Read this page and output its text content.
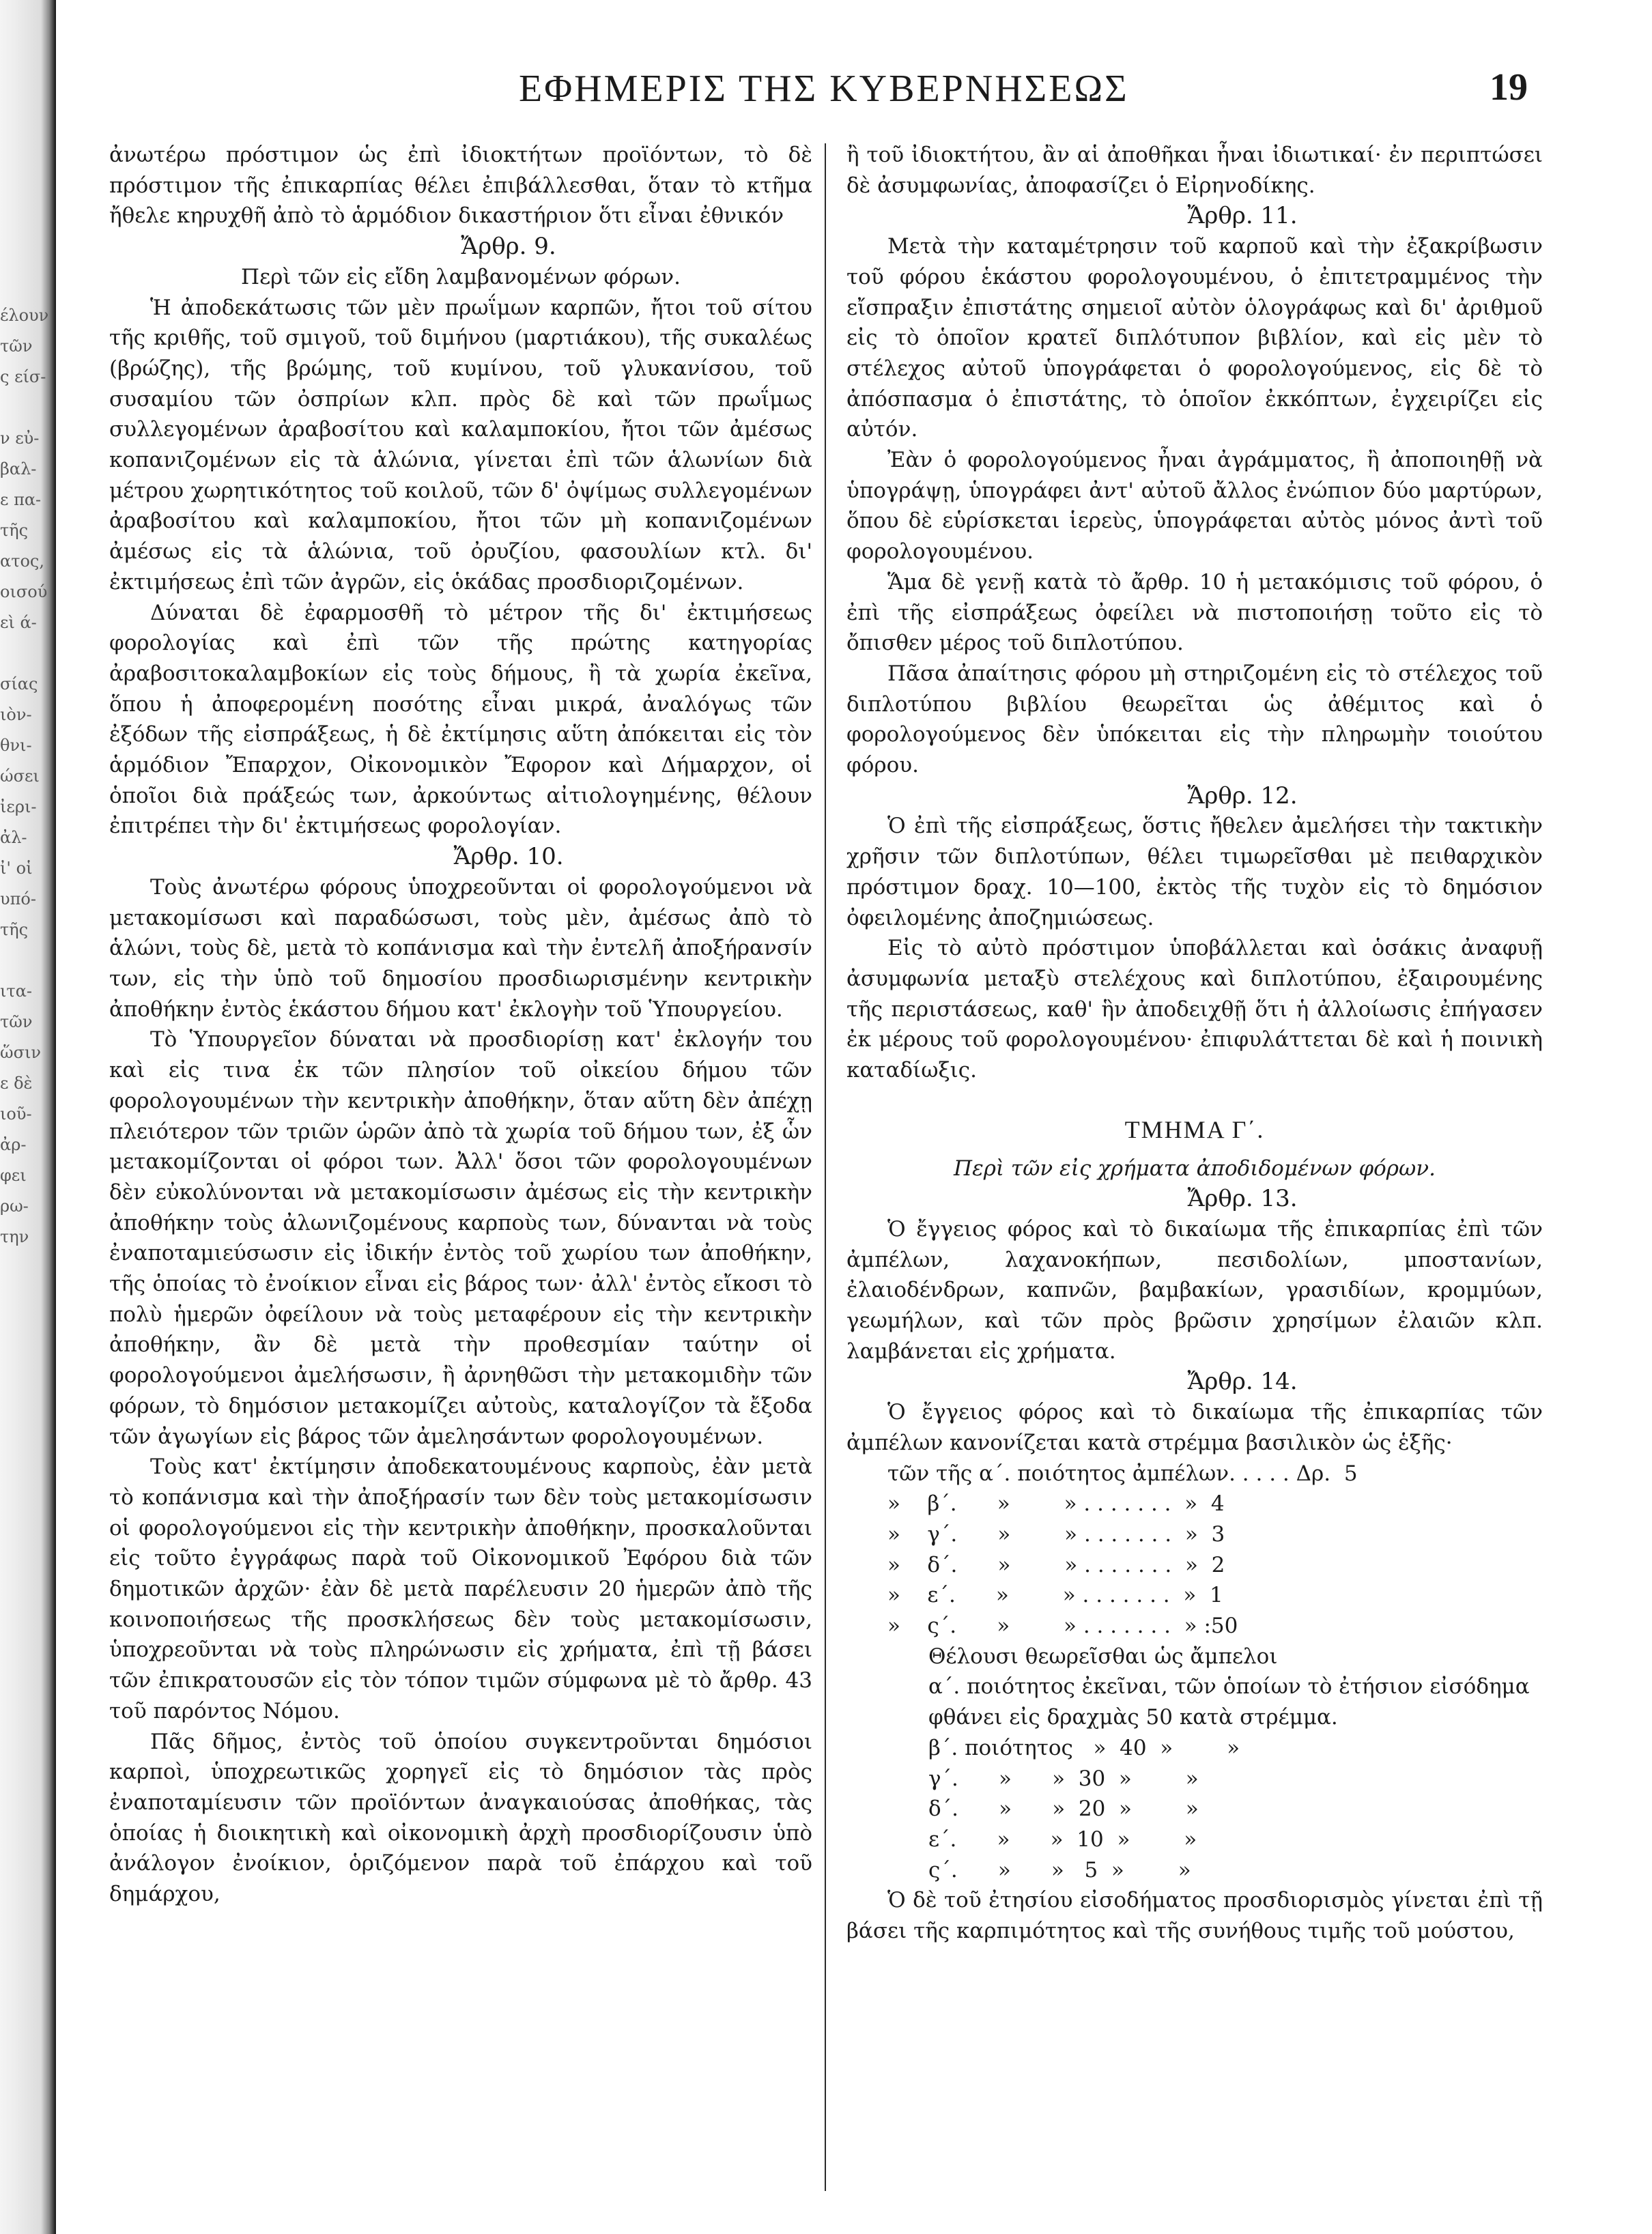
έλουν
τῶν
ς είσ-
ν εὐ-
βαλ-
ε πα-
τῆς
ατος,
οισού
εὶ ά-
σίας
ιὸν-
θνι-
ώσει
ἰερι-
ἀλ-
ἰ' οἱ
υπό-
τῆς
ιτα-
τῶν
ὥσιν
ε δὲ
ιοῦ-
ἀρ-
φει
ρω-
την
ΕΦΗΜΕΡΙΣ ΤΗΣ ΚΥΒΕΡΝΗΣΕΩΣ	19

ἀνωτέρω πρόστιμον ὡς ἐπὶ ἰδιοκτήτων προϊόντων, τὸ δὲ πρόστιμον τῆς ἐπικαρπίας θέλει ἐπιβάλλεσθαι, ὅταν τὸ κτῆμα ἤθελε κηρυχθῆ ἀπὸ τὸ ἁρμόδιον δικαστήριον ὅτι εἶναι ἐθνικόν

Ἄρθρ. 9.
Περὶ τῶν εἰς εἴδη λαμβανομένων φόρων.

Ἡ ἀποδεκάτωσις τῶν μὲν πρωΐμων καρπῶν, ἤτοι τοῦ σίτου τῆς κριθῆς, τοῦ σμιγοῦ, τοῦ διμήνου (μαρτιάκου), τῆς συκαλέως (βρώζης), τῆς βρώμης, τοῦ κυμίνου, τοῦ γλυκανίσου, τοῦ συσαμίου τῶν ὀσπρίων κλπ. πρὸς δὲ καὶ τῶν πρωΐμως συλλεγομένων ἀραβοσίτου καὶ καλαμποκίου, ἤτοι τῶν ἀμέσως κοπανιζομένων εἰς τὰ ἁλώνια, γίνεται ἐπὶ τῶν ἁλωνίων διὰ μέτρου χωρητικότητος τοῦ κοιλοῦ, τῶν δ' ὀψίμως συλλεγομένων ἀραβοσίτου καὶ καλαμποκίου, ἤτοι τῶν μὴ κοπανιζομένων ἀμέσως εἰς τὰ ἁλώνια, τοῦ ὀρυζίου, φασουλίων κτλ. δι' ἐκτιμήσεως ἐπὶ τῶν ἀγρῶν, εἰς ὁκάδας προσδιοριζομένων.

Δύναται δὲ ἐφαρμοσθῆ τὸ μέτρον τῆς δι' ἐκτιμήσεως φορολογίας καὶ ἐπὶ τῶν τῆς πρώτης κατηγορίας ἀραβοσιτοκαλαμβοκίων εἰς τοὺς δήμους, ἢ τὰ χωρία ἐκεῖνα, ὅπου ἡ ἀποφερομένη ποσότης εἶναι μικρά, ἀναλόγως τῶν ἐξόδων τῆς εἰσπράξεως, ἡ δὲ ἐκτίμησις αὕτη ἀπόκειται εἰς τὸν ἁρμόδιον Ἔπαρχον, Οἰκονομικὸν Ἔφορον καὶ Δήμαρχον, οἱ ὁποῖοι διὰ πράξεώς των, ἀρκούντως αἰτιολογημένης, θέλουν ἐπιτρέπει τὴν δι' ἐκτιμήσεως φορολογίαν.

Ἄρθρ. 10.

Τοὺς ἀνωτέρω φόρους ὑποχρεοῦνται οἱ φορολογούμενοι νὰ μετακομίσωσι καὶ παραδώσωσι, τοὺς μὲν, ἀμέσως ἀπὸ τὸ ἁλώνι, τοὺς δὲ, μετὰ τὸ κοπάνισμα καὶ τὴν ἐντελῆ ἀποξήρανσίν των, εἰς τὴν ὑπὸ τοῦ δημοσίου προσδιωρισμένην κεντρικὴν ἀποθήκην ἐντὸς ἑκάστου δήμου κατ' ἐκλογὴν τοῦ Ὑπουργείου.

Τὸ Ὑπουργεῖον δύναται νὰ προσδιορίσῃ κατ' ἐκλογήν του καὶ εἰς τινα ἐκ τῶν πλησίον τοῦ οἰκείου δήμου τῶν φορολογουμένων τὴν κεντρικὴν ἀποθήκην, ὅταν αὕτη δὲν ἀπέχῃ πλειότερον τῶν τριῶν ὡρῶν ἀπὸ τὰ χωρία τοῦ δήμου των, ἐξ ὧν μετακομίζονται οἱ φόροι των. Ἀλλ' ὅσοι τῶν φορολογουμένων δὲν εὐκολύνονται νὰ μετακομίσωσιν ἀμέσως εἰς τὴν κεντρικὴν ἀποθήκην τοὺς ἀλωνιζομένους καρποὺς των, δύνανται νὰ τοὺς ἐναποταμιεύσωσιν εἰς ἰδικήν ἐντὸς τοῦ χωρίου των ἀποθήκην, τῆς ὁποίας τὸ ἐνοίκιον εἶναι εἰς βάρος των· ἀλλ' ἐντὸς εἴκοσι τὸ πολὺ ἡμερῶν ὀφείλουν νὰ τοὺς μεταφέρουν εἰς τὴν κεντρικὴν ἀποθήκην, ἂν δὲ μετὰ τὴν προθεσμίαν ταύτην οἱ φορολογούμενοι ἀμελήσωσιν, ἢ ἀρνηθῶσι τὴν μετακομιδὴν τῶν φόρων, τὸ δημόσιον μετακομίζει αὐτοὺς, καταλογίζον τὰ ἔξοδα τῶν ἀγωγίων εἰς βάρος τῶν ἀμελησάντων φορολογουμένων.

Τοὺς κατ' ἐκτίμησιν ἀποδεκατουμένους καρποὺς, ἐὰν μετὰ τὸ κοπάνισμα καὶ τὴν ἀποξήρασίν των δὲν τοὺς μετακομίσωσιν οἱ φορολογούμενοι εἰς τὴν κεντρικὴν ἀποθήκην, προσκαλοῦνται εἰς τοῦτο ἐγγράφως παρὰ τοῦ Οἰκονομικοῦ Ἐφόρου διὰ τῶν δημοτικῶν ἀρχῶν· ἐὰν δὲ μετὰ παρέλευσιν 20 ἡμερῶν ἀπὸ τῆς κοινοποιήσεως τῆς προσκλήσεως δὲν τοὺς μετακομίσωσιν, ὑποχρεοῦνται νὰ τοὺς πληρώνωσιν εἰς χρήματα, ἐπὶ τῇ βάσει τῶν ἐπικρατουσῶν εἰς τὸν τόπον τιμῶν σύμφωνα μὲ τὸ ἄρθρ. 43 τοῦ παρόντος Νόμου.

Πᾶς δῆμος, ἐντὸς τοῦ ὁποίου συγκεντροῦνται δημόσιοι καρποὶ, ὑποχρεωτικῶς χορηγεῖ εἰς τὸ δημόσιον τὰς πρὸς ἐναποταμίευσιν τῶν προϊόντων ἀναγκαιούσας ἀποθήκας, τὰς ὁποίας ἡ διοικητικὴ καὶ οἰκονομικὴ ἀρχὴ προσδιορίζουσιν ὑπὸ ἀνάλογον ἐνοίκιον, ὁριζόμενον παρὰ τοῦ ἐπάρχου καὶ τοῦ δημάρχου,

ἢ τοῦ ἰδιοκτήτου, ἂν αἱ ἀποθῆκαι ἦναι ἰδιωτικαί· ἐν περιπτώσει δὲ ἀσυμφωνίας, ἀποφασίζει ὁ Εἰρηνοδίκης.

Ἄρθρ. 11.

Μετὰ τὴν καταμέτρησιν τοῦ καρποῦ καὶ τὴν ἐξακρίβωσιν τοῦ φόρου ἑκάστου φορολογουμένου, ὁ ἐπιτετραμμένος τὴν εἴσπραξιν ἐπιστάτης σημειοῖ αὐτὸν ὁλογράφως καὶ δι' ἀριθμοῦ εἰς τὸ ὁποῖον κρατεῖ διπλότυπον βιβλίον, καὶ εἰς μὲν τὸ στέλεχος αὐτοῦ ὑπογράφεται ὁ φορολογούμενος, εἰς δὲ τὸ ἀπόσπασμα ὁ ἐπιστάτης, τὸ ὁποῖον ἐκκόπτων, ἐγχειρίζει εἰς αὐτόν.

Ἐὰν ὁ φορολογούμενος ἦναι ἀγράμματος, ἢ ἀποποιηθῇ νὰ ὑπογράψῃ, ὑπογράφει ἀντ' αὐτοῦ ἄλλος ἐνώπιον δύο μαρτύρων, ὅπου δὲ εὑρίσκεται ἱερεὺς, ὑπογράφεται αὐτὸς μόνος ἀντὶ τοῦ φορολογουμένου.

Ἅμα δὲ γενῇ κατὰ τὸ ἄρθρ. 10 ἡ μετακόμισις τοῦ φόρου, ὁ ἐπὶ τῆς εἰσπράξεως ὀφείλει νὰ πιστοποιήσῃ τοῦτο εἰς τὸ ὄπισθεν μέρος τοῦ διπλοτύπου.

Πᾶσα ἀπαίτησις φόρου μὴ στηριζομένη εἰς τὸ στέλεχος τοῦ διπλοτύπου βιβλίου θεωρεῖται ὡς ἀθέμιτος καὶ ὁ φορολογούμενος δὲν ὑπόκειται εἰς τὴν πληρωμὴν τοιούτου φόρου.

Ἄρθρ. 12.

Ὁ ἐπὶ τῆς εἰσπράξεως, ὅστις ἤθελεν ἀμελήσει τὴν τακτικὴν χρῆσιν τῶν διπλοτύπων, θέλει τιμωρεῖσθαι μὲ πειθαρχικὸν πρόστιμον δραχ. 10—100, ἐκτὸς τῆς τυχὸν εἰς τὸ δημόσιον ὀφειλομένης ἀποζημιώσεως.

Εἰς τὸ αὐτὸ πρόστιμον ὑποβάλλεται καὶ ὁσάκις ἀναφυῇ ἀσυμφωνία μεταξὺ στελέχους καὶ διπλοτύπου, ἐξαιρουμένης τῆς περιστάσεως, καθ' ἣν ἀποδειχθῇ ὅτι ἡ ἀλλοίωσις ἐπήγασεν ἐκ μέρους τοῦ φορολογουμένου· ἐπιφυλάττεται δὲ καὶ ἡ ποινικὴ καταδίωξις.

ΤΜΗΜΑ Γ΄.
Περὶ τῶν εἰς χρήματα ἀποδιδομένων φόρων.
Ἄρθρ. 13.

Ὁ ἔγγειος φόρος καὶ τὸ δικαίωμα τῆς ἐπικαρπίας ἐπὶ τῶν ἀμπέλων, λαχανοκήπων, πεσιδολίων, μποστανίων, ἐλαιοδένδρων, καπνῶν, βαμβακίων, γρασιδίων, κρομμύων, γεωμήλων, καὶ τῶν πρὸς βρῶσιν χρησίμων ἐλαιῶν κλπ. λαμβάνεται εἰς χρήματα.

Ἄρθρ. 14.

Ὁ ἔγγειος φόρος καὶ τὸ δικαίωμα τῆς ἐπικαρπίας τῶν ἀμπέλων κανονίζεται κατὰ στρέμμα βασιλικὸν ὡς ἑξῆς·

τῶν τῆς α΄. ποιότητος ἀμπέλων. . . . . Δρ.  5
»    β΄.      »        » . . . . . . .  »  4
»    γ΄.      »        » . . . . . . .  »  3
»    δ΄.      »        » . . . . . . .  »  2
»    ε΄.      »        » . . . . . . .  »  1
»    ς΄.      »        » . . . . . . .  » :50
Θέλουσι θεωρεῖσθαι ὡς ἄμπελοι
α΄. ποιότητος ἐκεῖναι, τῶν ὁποίων τὸ ἐτήσιον εἰσόδημα
φθάνει εἰς δραχμὰς 50 κατὰ στρέμμα.
β΄. ποιότητος   »  40  »        »
γ΄.      »      »  30  »        »
δ΄.      »      »  20  »        »
ε΄.      »      »  10  »        »
ς΄.      »      »   5  »        »

Ὁ δὲ τοῦ ἐτησίου εἰσοδήματος προσδιορισμὸς γίνεται ἐπὶ τῇ βάσει τῆς καρπιμότητος καὶ τῆς συνήθους τιμῆς τοῦ μούστου,
